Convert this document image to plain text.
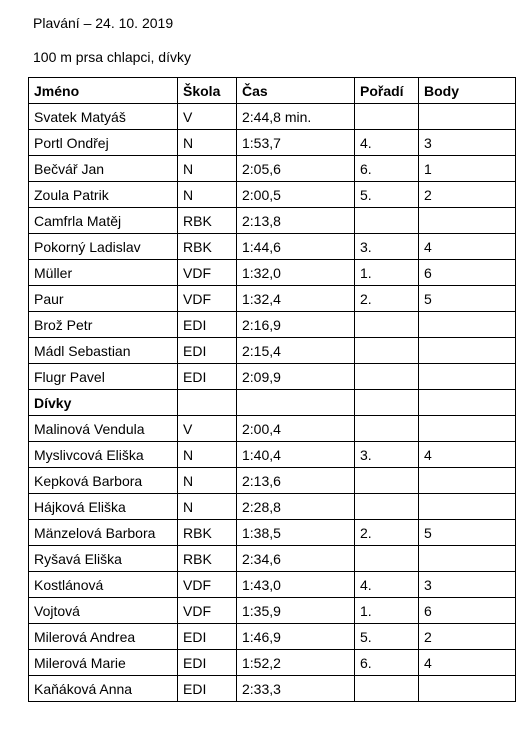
Plavání – 24. 10. 2019
100 m prsa chlapci, dívky
Jméno	Škola	Čas	Pořadí	Body
Svatek Matyáš	V	2:44,8 min.		
Portl Ondřej	N	1:53,7	4.	3
Bečvář Jan	N	2:05,6	6.	1
Zoula Patrik	N	2:00,5	5.	2
Camfrla Matěj	RBK	2:13,8		
Pokorný Ladislav	RBK	1:44,6	3.	4
Müller	VDF	1:32,0	1.	6
Paur	VDF	1:32,4	2.	5
Brož Petr	EDI	2:16,9		
Mádl Sebastian	EDI	2:15,4		
Flugr Pavel	EDI	2:09,9		
Dívky				
Malinová Vendula	V	2:00,4		
Myslivcová Eliška	N	1:40,4	3.	4
Kepková Barbora	N	2:13,6		
Hájková Eliška	N	2:28,8		
Mänzelová Barbora	RBK	1:38,5	2.	5
Ryšavá Eliška	RBK	2:34,6		
Kostlánová	VDF	1:43,0	4.	3
Vojtová	VDF	1:35,9	1.	6
Milerová Andrea	EDI	1:46,9	5.	2
Milerová Marie	EDI	1:52,2	6.	4
Kaňáková Anna	EDI	2:33,3		
